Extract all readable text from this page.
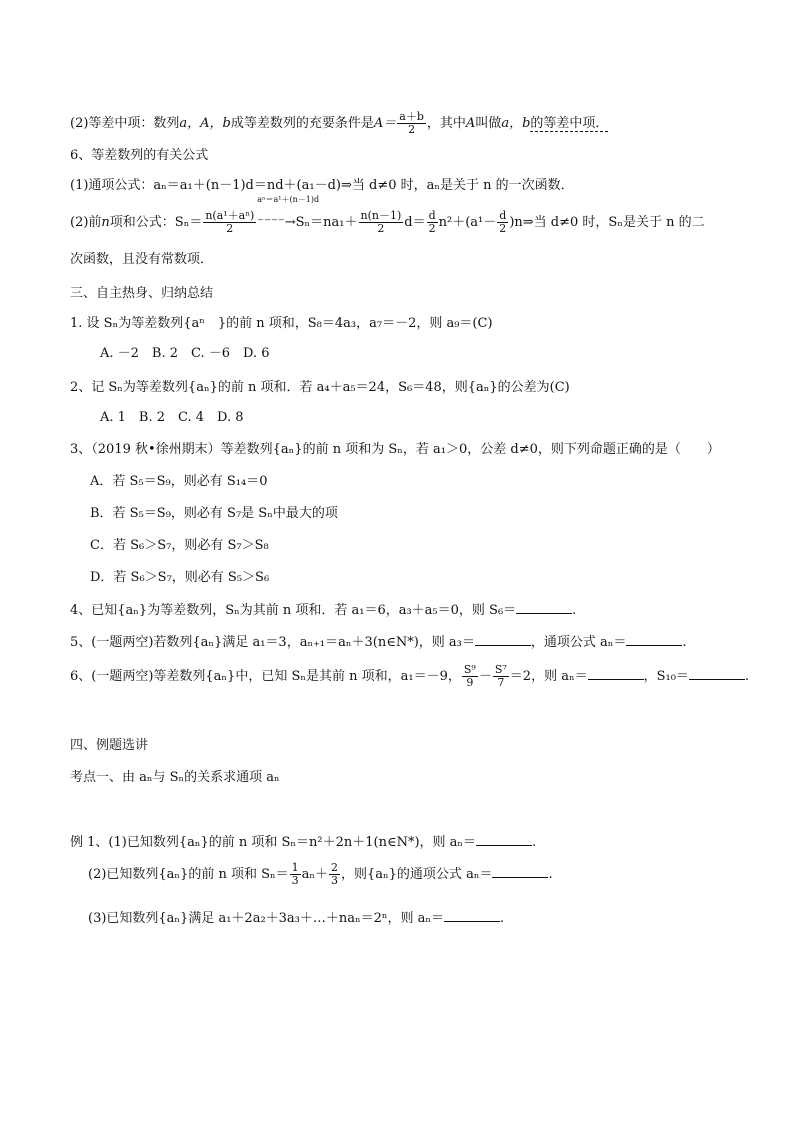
(2)等差中项：数列a，A，b成等差数列的充要条件是$A= \frac{a+b}{2}$ ，其中A叫做a，b的等差中项．
6、等差数列的有关公式
(1)通项公式：aₙ＝a₁＋(n－1)d＝nd＋(a₁－d)⇒当 d≠0 时，aₙ是关于 n 的一次函数．
(2)前n项和公式：$S_n= \frac{\text{n(a¹＋aⁿ)}}{2}$
aⁿ＝a¹＋(n－1)d
$^{----}\to S_n=na_1+ \frac{n(n-1)}{2} d= \frac{d}{2} n^2+(a^1- \frac{d}{2}$ )n⇒当 d≠0 时，Sₙ是关于 n 的二
次函数，且没有常数项．
三、自主热身、归纳总结
1. 设 Sₙ为等差数列{aⁿ　}的前 n 项和，S₈＝4a₃，a₇＝－2，则 a₉＝(C)
A. －2　B. 2　C. －6　D. 6
2、记 Sₙ为等差数列{aₙ}的前 n 项和．若 a₄＋a₅＝24，S₆＝48，则{aₙ}的公差为(C)
A. 1　B. 2　C. 4　D. 8
3、（2019 秋•徐州期末）等差数列{aₙ}的前 n 项和为 Sₙ，若 a₁＞0，公差 d≠0，则下列命题正确的是（　　）
A．若 S₅＝S₉，则必有 S₁₄＝0
B．若 S₅＝S₉，则必有 S₇是 Sₙ中最大的项
C．若 S₆＞S₇，则必有 S₇＞S₈
D．若 S₆＞S₇，则必有 S₅＞S₆
4、已知{aₙ}为等差数列，Sₙ为其前 n 项和．若 a₁＝6，a₃＋a₅＝0，则 S₆＝	.
5、(一题两空)若数列{aₙ}满足 a₁＝3，aₙ₊₁＝aₙ＋3(n∈N*)，则 a₃＝	，通项公式 aₙ＝	.
6、(一题两空)等差数列{aₙ}中，已知 Sₙ是其前 n 项和，a₁＝－9， $\frac{\text{S⁹}}{9} - \frac{\text{S⁷}}{7} =2$，则 aₙ＝	，S₁₀＝	.
四、例题选讲
考点一、由 aₙ与 Sₙ的关系求通项 aₙ
例 1、(1)已知数列{aₙ}的前 n 项和 Sₙ＝n²＋2n＋1(n∈N*)，则 aₙ＝	.
(2)已知数列{aₙ}的前 n 项和 $S_n= \frac{1}{3} a_n+ \frac{2}{3}$ ，则{aₙ}的通项公式 aₙ＝	.
(3)已知数列{aₙ}满足 a₁＋2a₂＋3a₃＋…＋naₙ＝2ⁿ，则 aₙ＝	.
